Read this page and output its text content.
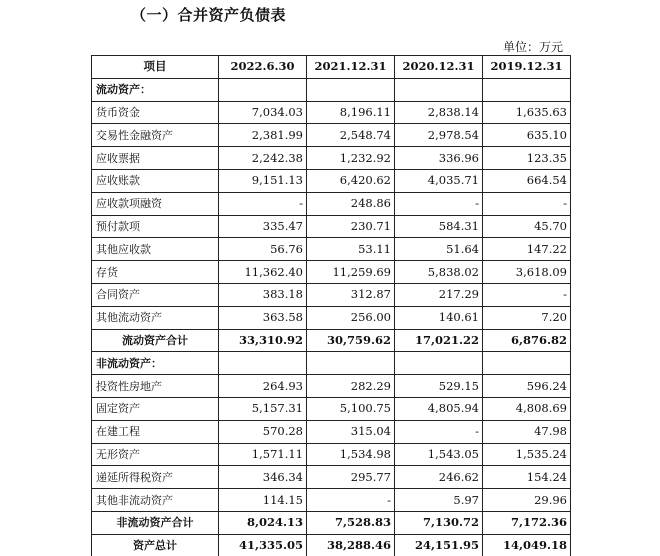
（一）合并资产负债表
单位：万元
项目	2022.6.30	2021.12.31	2020.12.31	2019.12.31
流动资产：				
货币资金	7,034.03	8,196.11	2,838.14	1,635.63
交易性金融资产	2,381.99	2,548.74	2,978.54	635.10
应收票据	2,242.38	1,232.92	336.96	123.35
应收账款	9,151.13	6,420.62	4,035.71	664.54
应收款项融资	-	248.86	-	-
预付款项	335.47	230.71	584.31	45.70
其他应收款	56.76	53.11	51.64	147.22
存货	11,362.40	11,259.69	5,838.02	3,618.09
合同资产	383.18	312.87	217.29	-
其他流动资产	363.58	256.00	140.61	7.20
流动资产合计	33,310.92	30,759.62	17,021.22	6,876.82
非流动资产：				
投资性房地产	264.93	282.29	529.15	596.24
固定资产	5,157.31	5,100.75	4,805.94	4,808.69
在建工程	570.28	315.04	-	47.98
无形资产	1,571.11	1,534.98	1,543.05	1,535.24
递延所得税资产	346.34	295.77	246.62	154.24
其他非流动资产	114.15	-	5.97	29.96
非流动资产合计	8,024.13	7,528.83	7,130.72	7,172.36
资产总计	41,335.05	38,288.46	24,151.95	14,049.18
